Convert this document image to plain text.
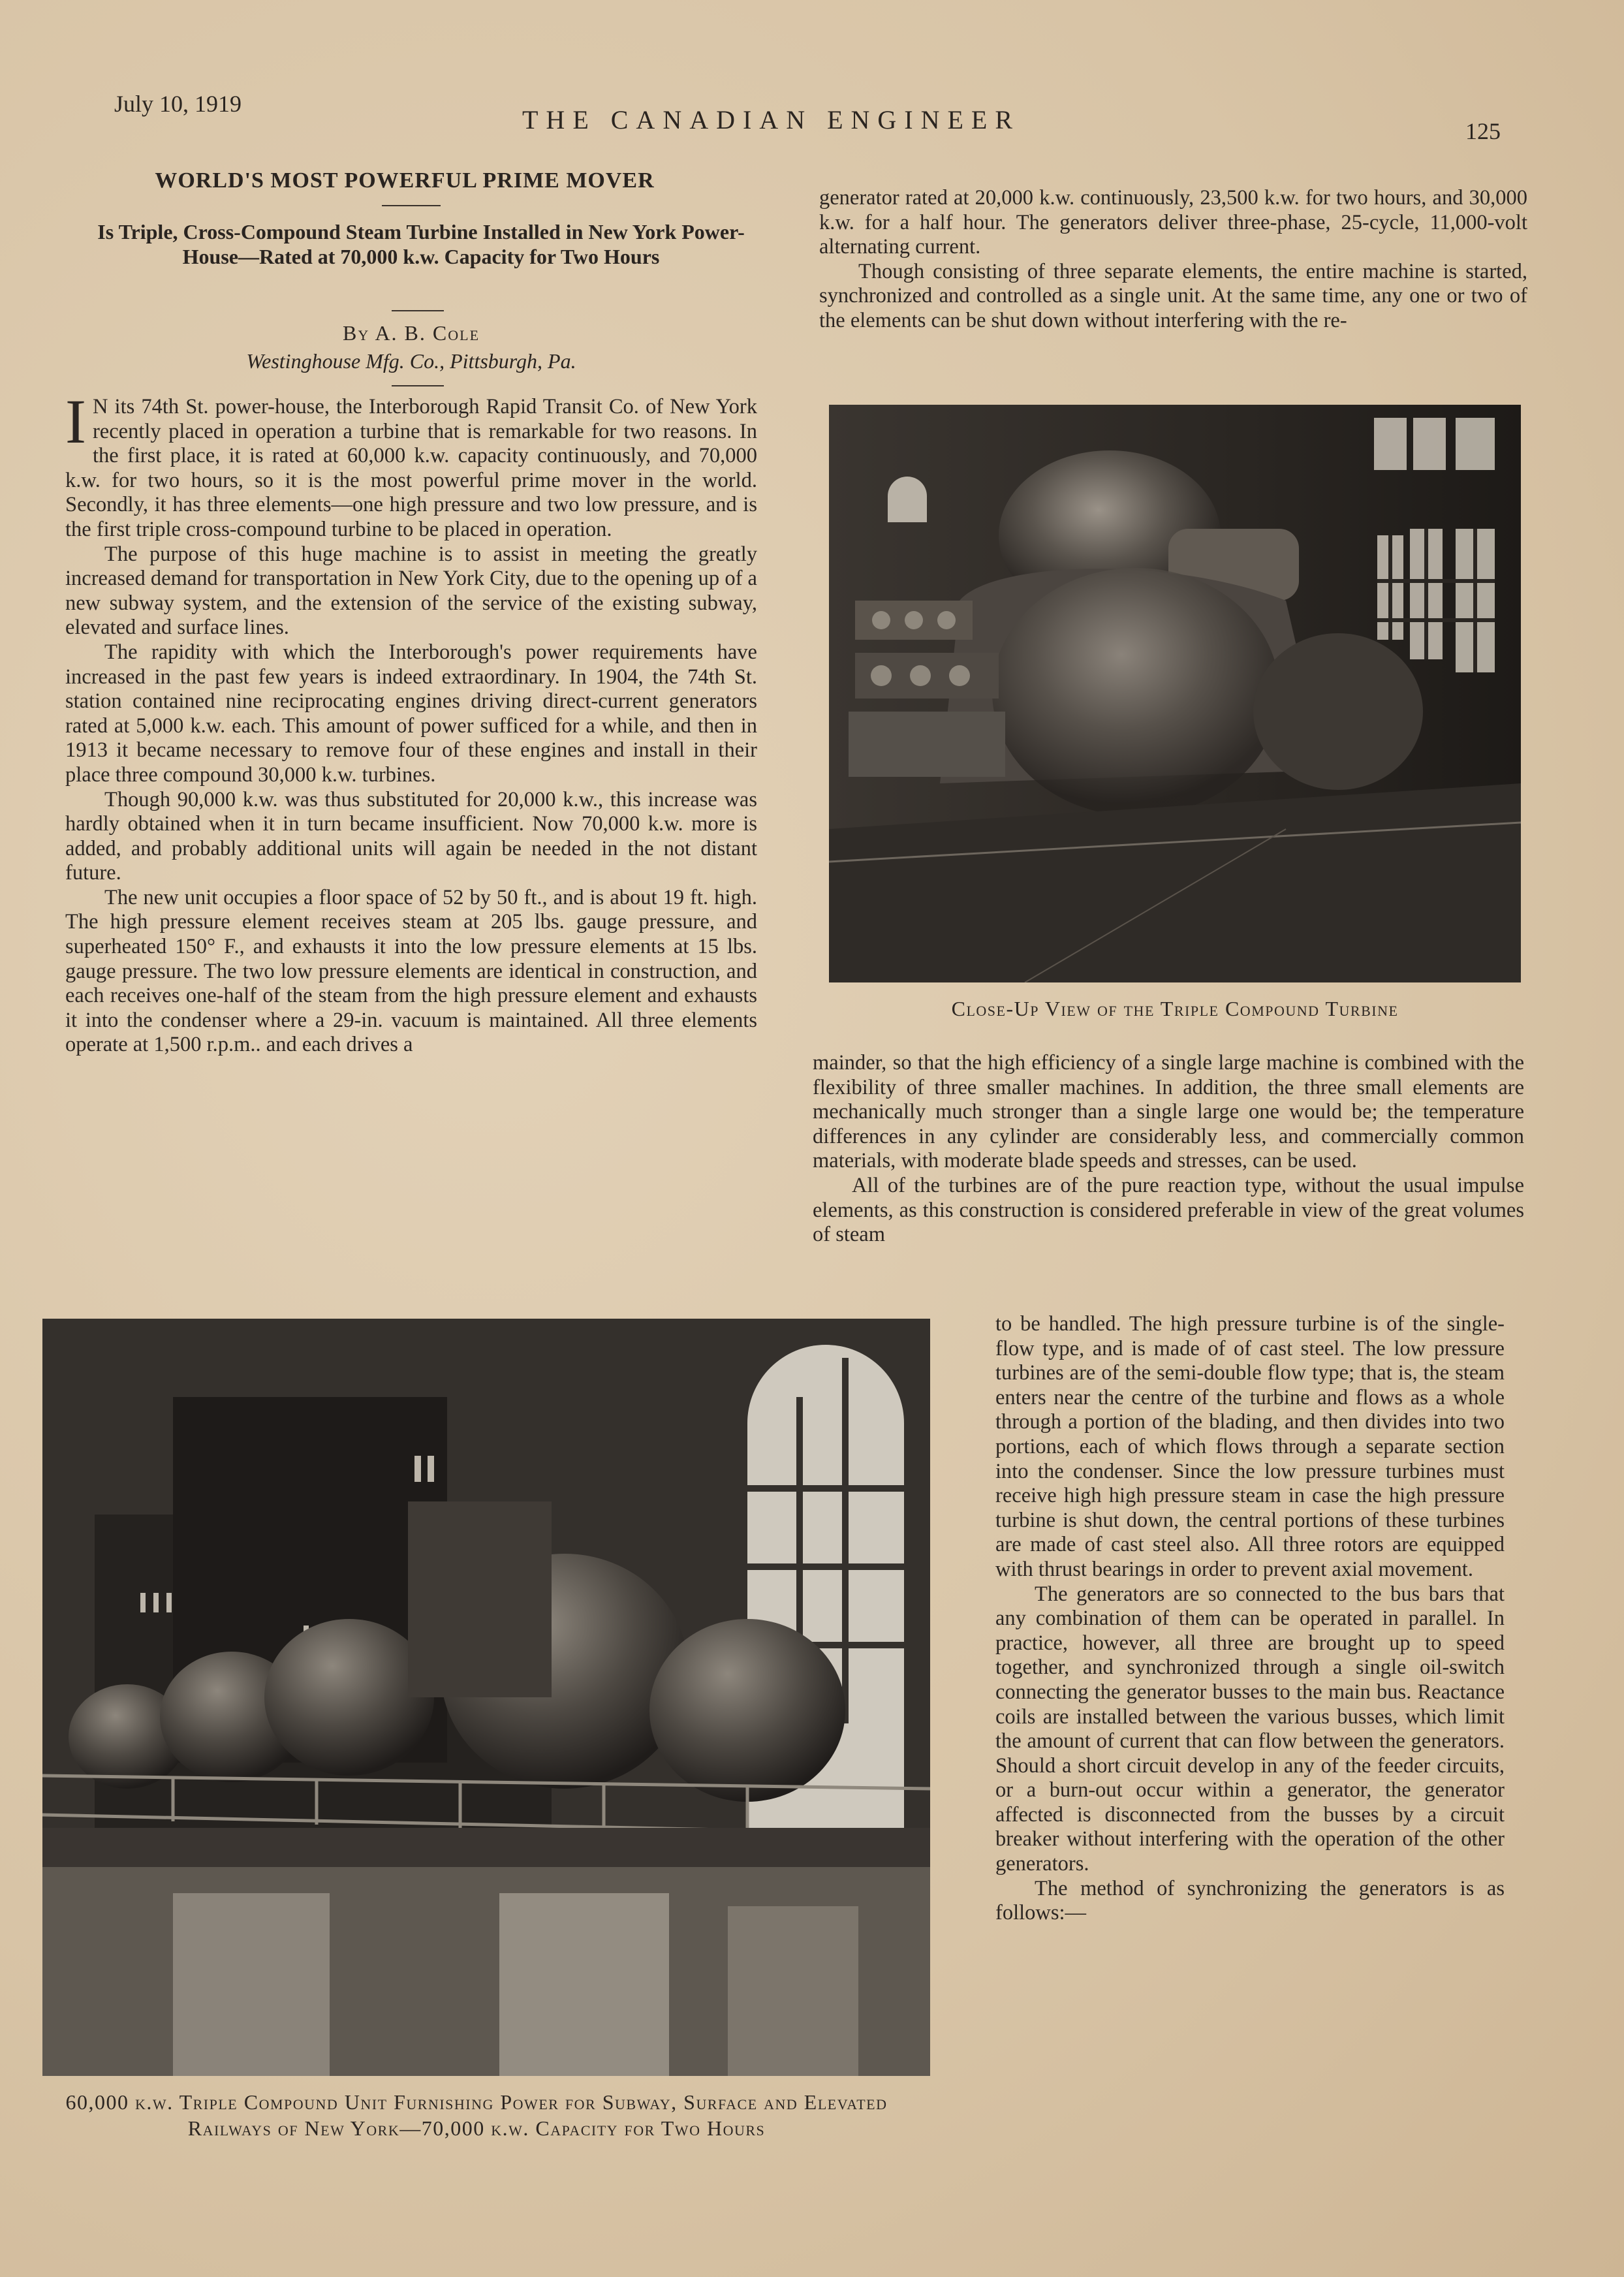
July 10, 1919
THE CANADIAN ENGINEER	125
WORLD'S MOST POWERFUL PRIME MOVER
Is Triple, Cross-Compound Steam Turbine Installed in New York Power-House—Rated at 70,000 k.w. Capacity for Two Hours
By A. B. Cole
Westinghouse Mfg. Co., Pittsburgh, Pa.

I N its 74th St. power-house, the Interborough Rapid Transit Co. of New York recently placed in operation a turbine that is remarkable for two reasons. In the first place, it is rated at 60,000 k.w. capacity continuously, and 70,000 k.w. for two hours, so it is the most powerful prime mover in the world. Secondly, it has three elements—one high pressure and two low pressure, and is the first triple cross-compound turbine to be placed in operation.

The purpose of this huge machine is to assist in meeting the greatly increased demand for transportation in New York City, due to the opening up of a new subway system, and the extension of the service of the existing subway, elevated and surface lines.

The rapidity with which the Interborough's power requirements have increased in the past few years is indeed extraordinary. In 1904, the 74th St. station contained nine reciprocating engines driving direct-current generators rated at 5,000 k.w. each. This amount of power sufficed for a while, and then in 1913 it became necessary to remove four of these engines and install in their place three compound 30,000 k.w. turbines.

Though 90,000 k.w. was thus substituted for 20,000 k.w., this increase was hardly obtained when it in turn became insufficient. Now 70,000 k.w. more is added, and probably additional units will again be needed in the not distant future.

The new unit occupies a floor space of 52 by 50 ft., and is about 19 ft. high. The high pressure element receives steam at 205 lbs. gauge pressure, and superheated 150° F., and exhausts it into the low pressure elements at 15 lbs. gauge pressure. The two low pressure elements are identical in construction, and each receives one-half of the steam from the high pressure element and exhausts it into the condenser where a 29-in. vacuum is maintained. All three elements operate at 1,500 r.p.m.. and each drives a

generator rated at 20,000 k.w. continuously, 23,500 k.w. for two hours, and 30,000 k.w. for a half hour. The generators deliver three-phase, 25-cycle, 11,000-volt alternating current.

Though consisting of three separate elements, the entire machine is started, synchronized and controlled as a single unit. At the same time, any one or two of the elements can be shut down without interfering with the re-

Close-Up View of the Triple Compound Turbine

mainder, so that the high efficiency of a single large machine is combined with the flexibility of three smaller machines. In addition, the three small elements are mechanically much stronger than a single large one would be; the temperature differences in any cylinder are considerably less, and commercially common materials, with moderate blade speeds and stresses, can be used.

All of the turbines are of the pure reaction type, without the usual impulse elements, as this construction is considered preferable in view of the great volumes of steam

to be handled. The high pressure turbine is of the single-flow type, and is made of of cast steel. The low pressure turbines are of the semi-double flow type; that is, the steam enters near the centre of the turbine and flows as a whole through a portion of the blading, and then divides into two portions, each of which flows through a separate section into the condenser. Since the low pressure turbines must receive high high pressure steam in case the high pressure turbine is shut down, the central portions of these turbines are made of cast steel also. All three rotors are equipped with thrust bearings in order to prevent axial movement.

The generators are so connected to the bus bars that any combination of them can be operated in parallel. In practice, however, all three are brought up to speed together, and synchronized through a single oil-switch connecting the generator busses to the main bus. Reactance coils are installed between the various busses, which limit the amount of current that can flow between the generators. Should a short circuit develop in any of the feeder circuits, or a burn-out occur within a generator, the generator affected is disconnected from the busses by a circuit breaker without interfering with the operation of the other generators.

The method of synchronizing the generators is as follows:—

60,000 k.w. Triple Compound Unit Furnishing Power for Subway, Surface and Elevated Railways of New York—70,000 k.w. Capacity for Two Hours
